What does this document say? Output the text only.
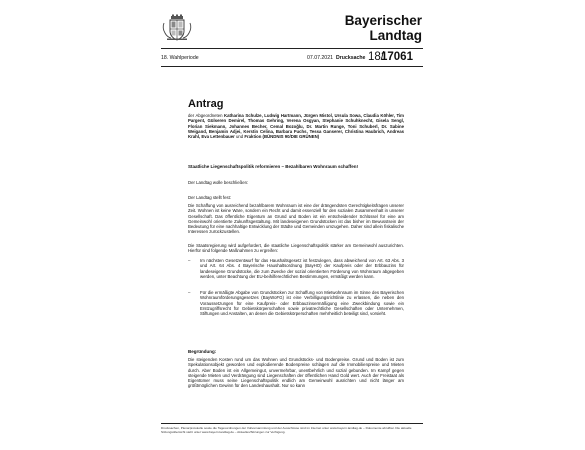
Bayerischer
Landtag
18. Wahlperiode	07.07.2021 Drucksache 18/
17061
Antrag
der Abgeordneten Katharina Schulze, Ludwig Hartmann, Jürgen Mistol, Ursula Sowa, Claudia Köhler, Tim Pargent, Gülseren Demirel, Thomas Gehring, Verena Osgyan, Stephanie Schuhknecht, Gisela Sengl, Florian Siekmann, Johannes Becher, Cemal Bozoğlu, Dr. Martin Runge, Toni Schuberl, Dr. Sabine Weigand, Benjamin Adjei, Kerstin Celina, Barbara Fuchs, Tessa Ganserer, Christina Haubrich, Andreas Krahl, Eva Lettenbauer und Fraktion (BÜNDNIS 90/DIE GRÜNEN)
Staatliche Liegenschaftspolitik reformieren – Bezahlbaren Wohnraum schaffen!
Der Landtag wolle beschließen:
Der Landtag stellt fest:
Die Schaffung von ausreichend bezahlbarem Wohnraum ist eine der drängendsten Gerechtigkeitsfragen unserer Zeit. Wohnen ist keine Ware, sondern ein Recht und damit essenziell für den sozialen Zusammenhalt in unserer Gesellschaft. Das öffentliche Eigentum an Grund und Boden ist ein entscheidender Schlüssel für eine am Gemeinwohl orientierte Zukunftsgestaltung. Mit landeseigenen Grundstücken ist das bisher im Bewusstsein der Bedeutung für eine nachhaltige Entwicklung der Städte und Gemeinden umzugehen. Daher sind allein fiskalische Interessen zurückzustellen.
Die Staatsregierung wird aufgefordert, die staatliche Liegenschaftspolitik stärker am Gemeinwohl auszurichten. Hierfür sind folgende Maßnahmen zu ergreifen:
– Im nächsten Gesetzentwurf für das Haushaltsgesetz ist festzulegen, dass abweichend von Art. 63 Abs. 3 und Art. 64 Abs. 4 Bayerische Haushaltsordnung (BayHO) der Kaufpreis oder der Erbbauzins für landeseigene Grundstücke, die zum Zwecke der sozial orientierten Förderung von Wohnraum abgegeben werden, unter Beachtung der EU-beihilferechtlichen Bestimmungen, ermäßigt werden kann.
– Für die ermäßigte Abgabe von Grundstücken zur Schaffung von Mietwohnraum im Sinne des Bayerischen Wohnraumförderungsgesetzes (BayWoFG) ist eine Verbilligungsrichtlinie zu erlassen, die neben den Voraussetzungen für eine Kaufpreis- oder Erbbauzinsermäßigung eine Zweckbindung sowie ein Erstzugriffsrecht für Gebietskörperschaften sowie privatrechtliche Gesellschaften oder Unternehmen, Stiftungen und Anstalten, an denen die Gebietskörperschaften mehrheitlich beteiligt sind, vorsieht.
Begründung:
Die steigenden Kosten rund um das Wohnen und Grundstücks- und Bodenpreise. Grund und Boden ist zum Spekulationsobjekt geworden und explodierende Bodenpreise schlagen auf die Immobilienpreise und Mieten durch. Aber Boden ist ein Allgemeingut, unvermehrbar, unentbehrlich und sozial gebunden. Im Kampf gegen steigende Mieten und Verdrängung sind Liegenschaften der öffentlichen Hand Gold wert. Auch der Freistaat als Eigentümer muss seine Liegenschaftspolitik endlich am Gemeinwohl ausrichten und nicht länger am größtmöglichen Gewinn für den Landeshaushalt. Nur so kann
Drucksachen, Plenarprotokolle sowie die Tagesordnungen der Vollversammlung und der Ausschüsse sind im Internet unter www.bayern.landtag.de – Dokumente abrufbar. Die aktuelle Sitzungsübersicht steht unter www.bayern.landtag.de – Aktuelles/Sitzungen zur Verfügung.
